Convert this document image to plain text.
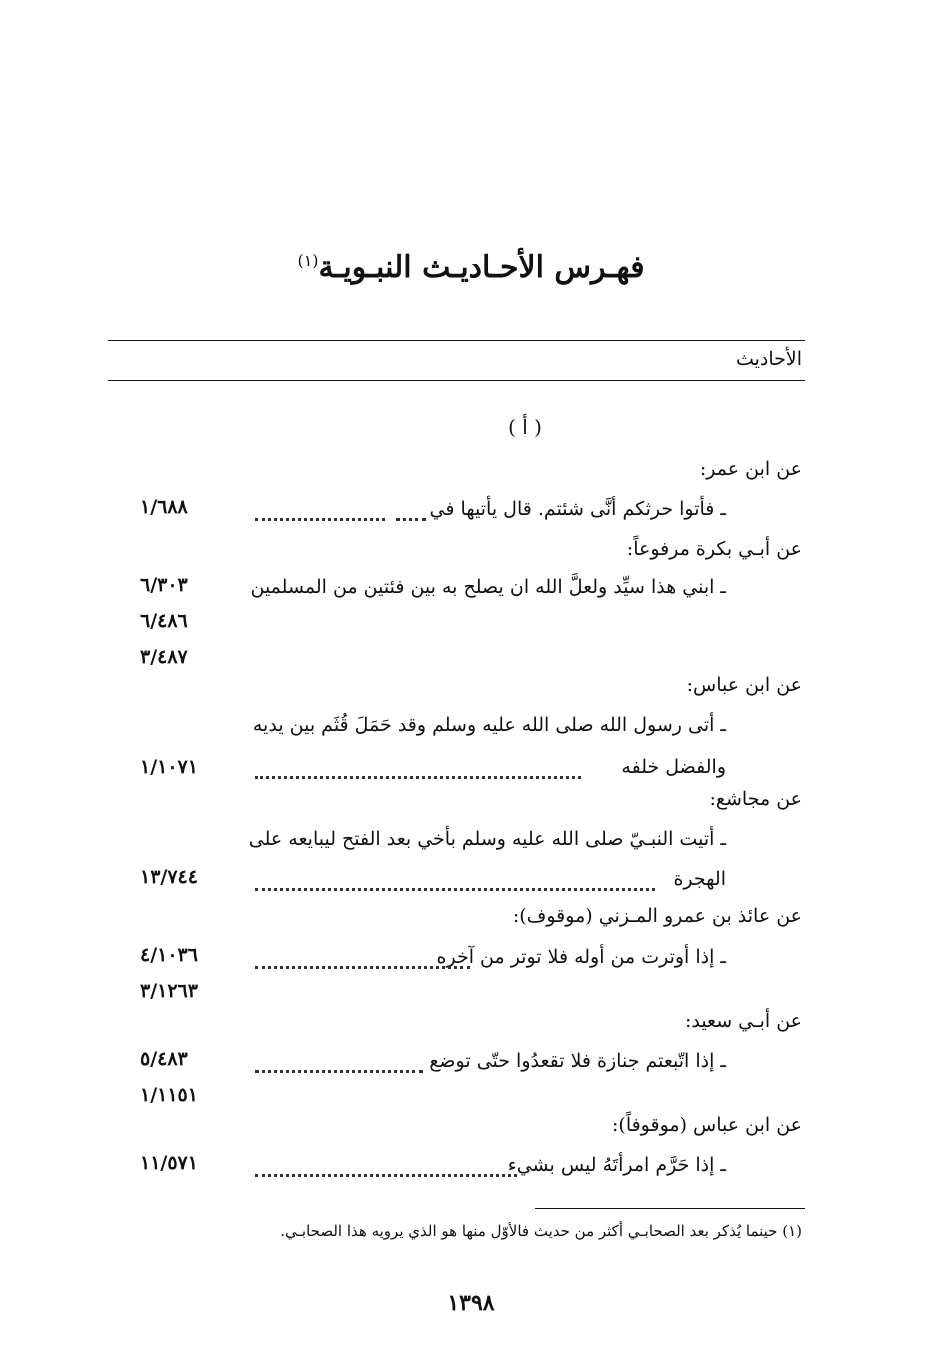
فهـرس الأحـاديـث النبـويـة$^{(١)}$
الأحاديث
( أ )
عن ابن عمر:
ـ فأتوا حرثكم أنَّى شئتم. قال يأتيها في
١/٦٨٨
عن أبـي بكرة مرفوعاً:
ـ ابني هذا سيِّد ولعلَّ الله ان يصلح به بين فئتين من المسلمين
٦/٣٠٣
٦/٤٨٦
٣/٤٨٧
عن ابن عباس:
ـ أتى رسول الله صلى الله عليه وسلم وقد حَمَلَ قُثَم بين يديه
والفضل خلفه
١/١٠٧١
عن مجاشع:
ـ أتيت النبـيّ صلى الله عليه وسلم بأخي بعد الفتح ليبايعه على
الهجرة
١٣/٧٤٤
عن عائذ بن عمرو المـزني (موقوف):
ـ إذا أوترت من أوله فلا توتر من آخره
٤/١٠٣٦
٣/١٢٦٣
عن أبـي سعيد:
ـ إذا اتّبعتم جنازة فلا تقعدُوا حتّى توضع
٥/٤٨٣
١/١١٥١
عن ابن عباس (موقوفاً):
ـ إذا حَرَّم امرأتَهُ ليس بشيء
١١/٥٧١
(١) حينما يُذكر بعد الصحابـي أكثر من حديث فالأوّل منها هو الذي يرويه هذا الصحابـي.
١٣٩٨
